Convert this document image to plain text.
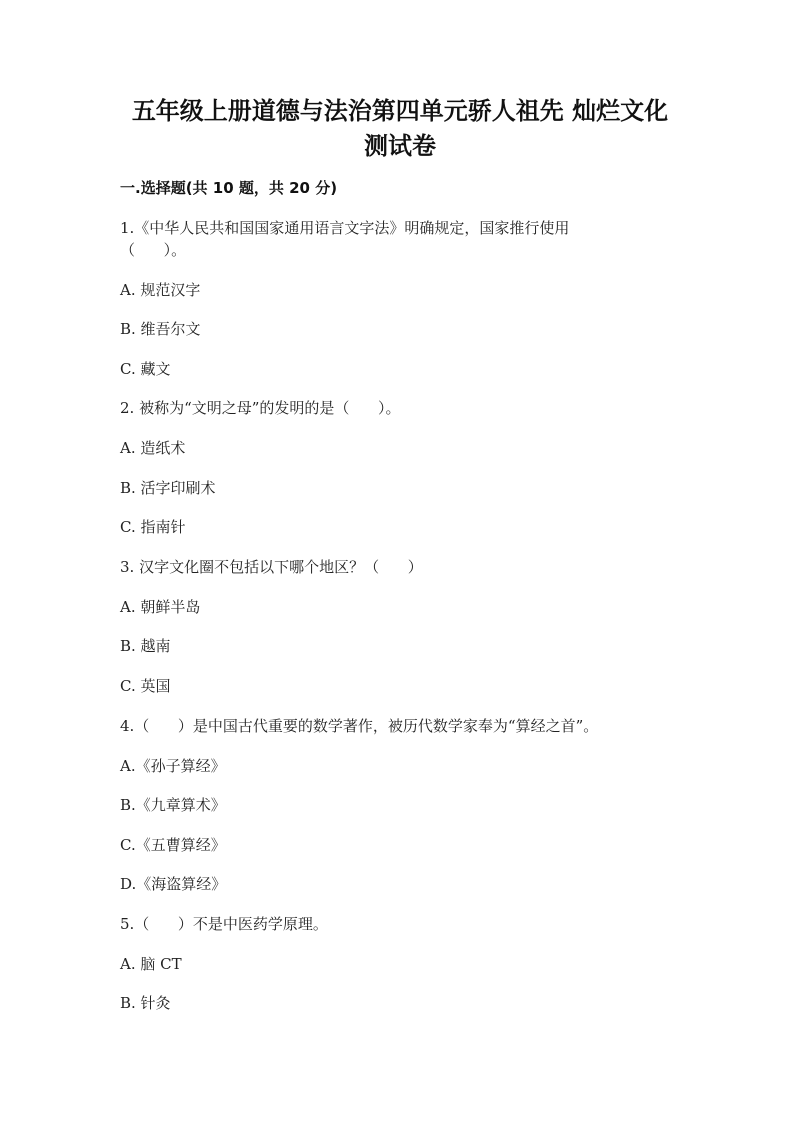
五年级上册道德与法治第四单元骄人祖先 灿烂文化
测试卷
一.选择题(共 10 题，共 20 分)
1.《中华人民共和国国家通用语言文字法》明确规定，国家推行使用
（      ）。
A. 规范汉字
B. 维吾尔文
C. 藏文
2. 被称为“文明之母”的发明的是（      ）。
A. 造纸术
B. 活字印刷术
C. 指南针
3. 汉字文化圈不包括以下哪个地区？（      ）
A. 朝鲜半岛
B. 越南
C. 英国
4.（      ）是中国古代重要的数学著作，被历代数学家奉为“算经之首”。
A.《孙子算经》
B.《九章算术》
C.《五曹算经》
D.《海盗算经》
5.（      ）不是中医药学原理。
A. 脑 CT
B. 针灸
